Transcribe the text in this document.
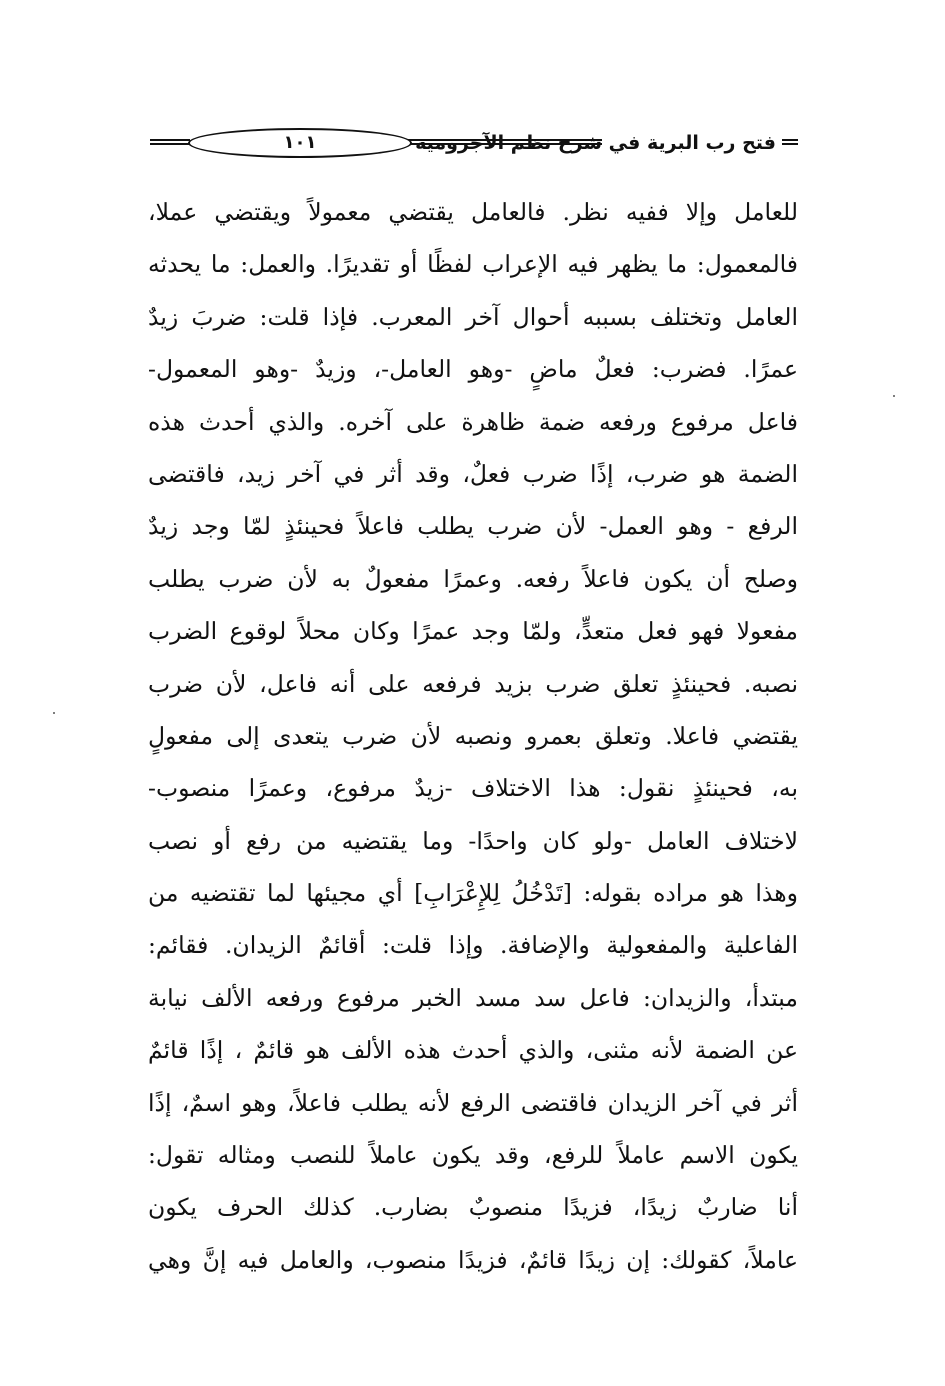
فتح رب البرية في شرح نظم الآجرومية
١٠١
للعامل وإلا ففيه نظر. فالعامل يقتضي معمولاً ويقتضي عملا،
فالمعمول: ما يظهر فيه الإعراب لفظًا أو تقديرًا. والعمل: ما يحدثه
العامل وتختلف بسببه أحوال آخر المعرب. فإذا قلت: ضربَ زيدٌ
عمرًا. فضرب: فعلٌ ماضٍ -وهو العامل-، وزيدٌ -وهو المعمول-
فاعل مرفوع ورفعه ضمة ظاهرة على آخره. والذي أحدث هذه
الضمة هو ضرب، إذًا ضرب فعلٌ، وقد أثر في آخر زيد، فاقتضى
الرفع - وهو العمل- لأن ضرب يطلب فاعلاً فحينئذٍ لمّا وجد زيدٌ
وصلح أن يكون فاعلاً رفعه. وعمرًا مفعولٌ به لأن ضرب يطلب
مفعولا فهو فعل متعدٍّ، ولمّا وجد عمرًا وكان محلاً لوقوع الضرب
نصبه. فحينئذٍ تعلق ضرب بزيد فرفعه على أنه فاعل، لأن ضرب
يقتضي فاعلا. وتعلق بعمرو ونصبه لأن ضرب يتعدى إلى مفعولٍ
به، فحينئذٍ نقول: هذا الاختلاف -زيدٌ مرفوع، وعمرًا منصوب-
لاختلاف العامل -ولو كان واحدًا- وما يقتضيه من رفع أو نصب
وهذا هو مراده بقوله: [تَدْخُلُ لِلإِعْرَابِ] أي مجيئها لما تقتضيه من
الفاعلية والمفعولية والإضافة. وإذا قلت: أقائمٌ الزيدان. فقائم:
مبتدأ، والزيدان: فاعل سد مسد الخبر مرفوع ورفعه الألف نيابة
عن الضمة لأنه مثنى، والذي أحدث هذه الألف هو قائمٌ ، إذًا قائمٌ
أثر في آخر الزيدان فاقتضى الرفع لأنه يطلب فاعلاً، وهو اسمٌ، إذًا
يكون الاسم عاملاً للرفع، وقد يكون عاملاً للنصب ومثاله تقول:
أنا ضاربٌ زيدًا، فزيدًا منصوبٌ بضارب. كذلك الحرف يكون
عاملاً، كقولك: إن زيدًا قائمٌ، فزيدًا منصوب، والعامل فيه إنَّ وهي
